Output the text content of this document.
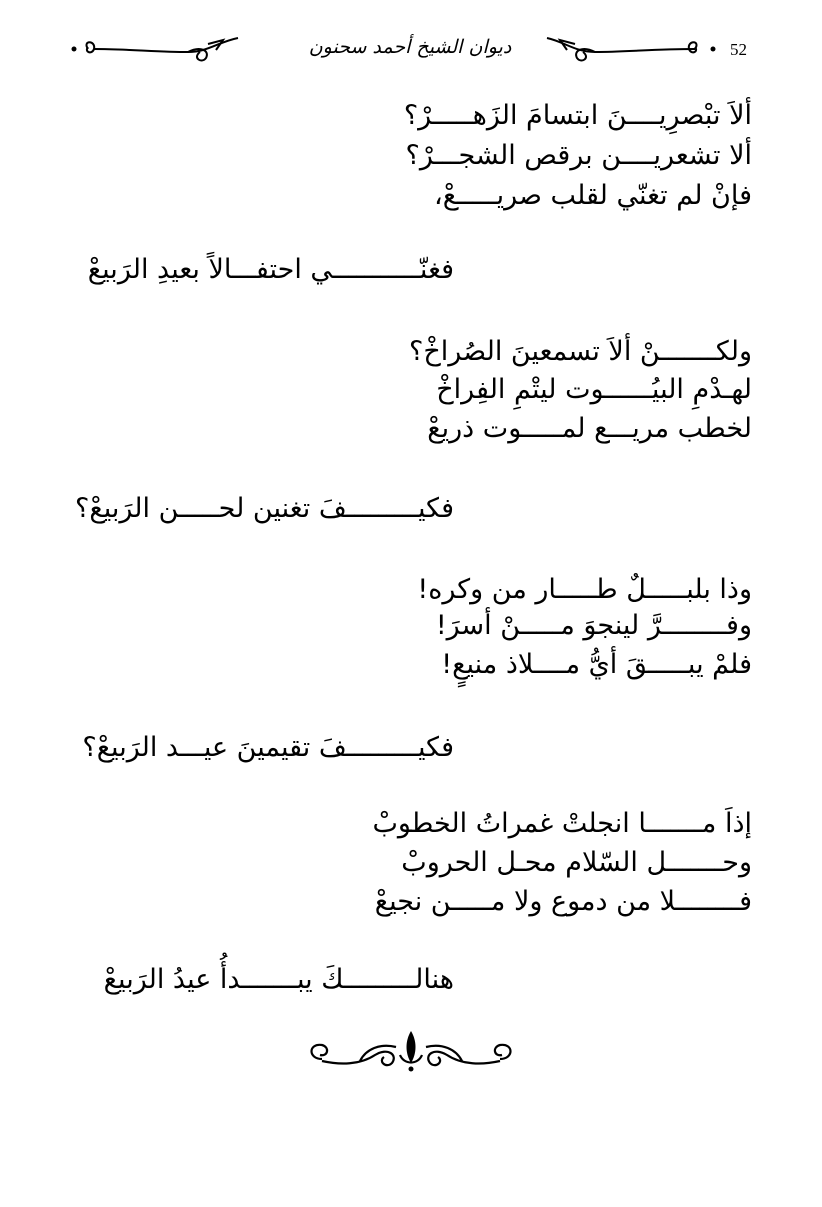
ديوان الشيخ أحمد سحنون	52
ألاَ تبْصرِيــــنَ ابتسامَ الزَهـــــرْ؟
ألا تشعريــــن برقص الشجـــرْ؟
فإنْ لم تغنّي لقلب صريـــــعْ،
فغنّـــــــــــي احتفـــالاً بعيدِ الرَبيعْ
ولكـــــــنْ ألاَ تسمعينَ الصُراخْ؟
لهـدْمِ البيُــــــوت ليتْمِ الفِراخْ
لخطب مريـــع لمـــــوت ذريعْ
فكيـــــــــفَ تغنين لحـــــن الرَبيعْ؟
وذا بلبـــــلٌ طـــــار من وكره!
وفــــــــرَّ لينجوَ مـــــنْ أسرَ!
فلمْ يبـــــقَ أيُّ مــــلاذ منيعٍ!
فكيـــــــــفَ تقيمينَ عيـــد الرَبيعْ؟
إذاَ مـــــــا انجلتْ غمراتُ الخطوبْ
وحـــــــل السّلام محـل الحروبْ
فــــــــلا من دموع ولا مـــــن نجيعْ
هنالـــــــــكَ يبـــــــدأُ عيدُ الرَبيعْ
